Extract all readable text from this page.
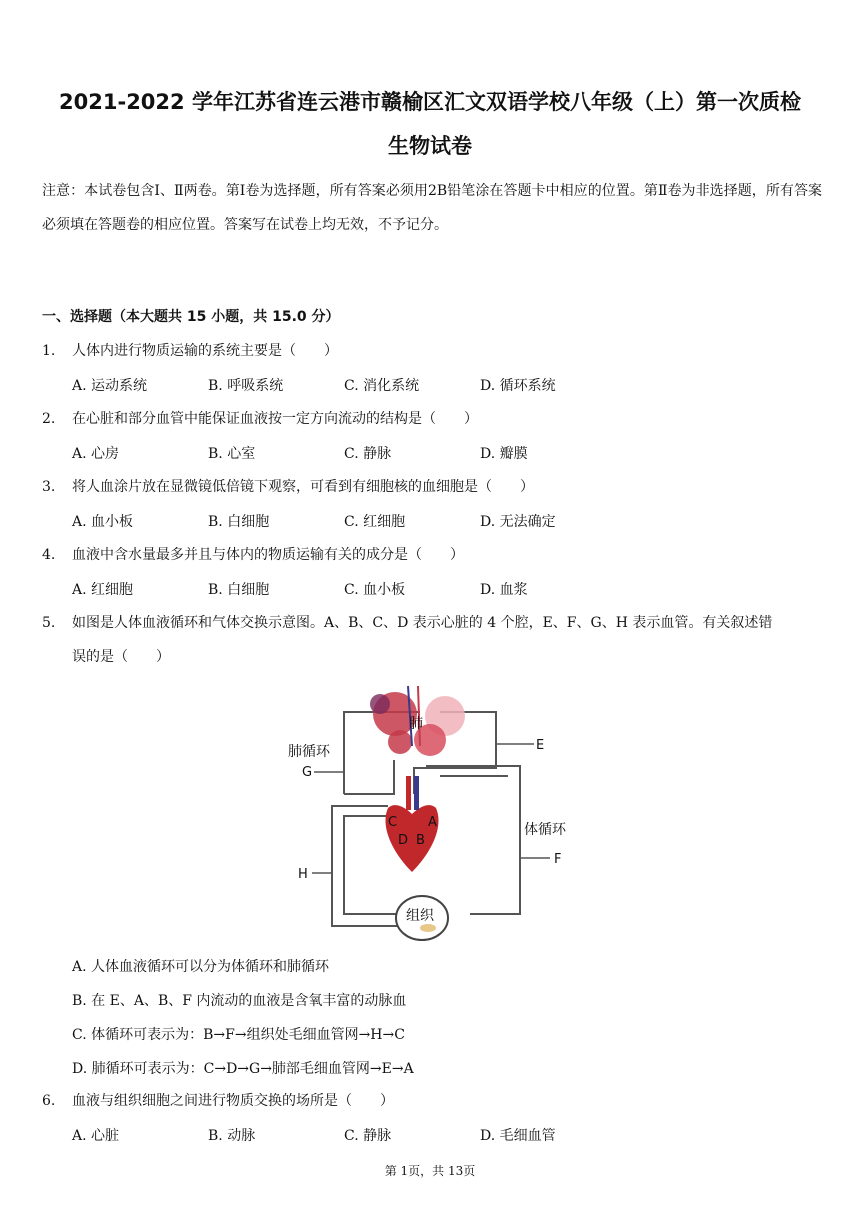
2021-2022 学年江苏省连云港市赣榆区汇文双语学校八年级（上）第一次质检
生物试卷
注意：本试卷包含Ⅰ、Ⅱ两卷。第Ⅰ卷为选择题，所有答案必须用2B铅笔涂在答题卡中相应的位置。第Ⅱ卷为非选择题，所有答案必须填在答题卷的相应位置。答案写在试卷上均无效，不予记分。
一、选择题（本大题共 15 小题，共 15.0 分）
1. 人体内进行物质运输的系统主要是（　　）
A. 运动系统	B. 呼吸系统	C. 消化系统	D. 循环系统
2. 在心脏和部分血管中能保证血液按一定方向流动的结构是（　　）
A. 心房	B. 心室	C. 静脉	D. 瓣膜
3. 将人血涂片放在显微镜低倍镜下观察，可看到有细胞核的血细胞是（　　）
A. 血小板	B. 白细胞	C. 红细胞	D. 无法确定
4. 血液中含水量最多并且与体内的物质运输有关的成分是（　　）
A. 红细胞	B. 白细胞	C. 血小板	D. 血浆
5. 如图是人体血液循环和气体交换示意图。A、B、C、D 表示心脏的 4 个腔，E、F、G、H 表示血管。有关叙述错
误的是（　　）
肺
C A
D B
组织
肺循环
G
体循环
E
F
H
A. 人体血液循环可以分为体循环和肺循环
B. 在 E、A、B、F 内流动的血液是含氧丰富的动脉血
C. 体循环可表示为：B→F→组织处毛细血管网→H→C
D. 肺循环可表示为：C→D→G→肺部毛细血管网→E→A
6. 血液与组织细胞之间进行物质交换的场所是（　　）
A. 心脏	B. 动脉	C. 静脉	D. 毛细血管
第 1页，共 13页
